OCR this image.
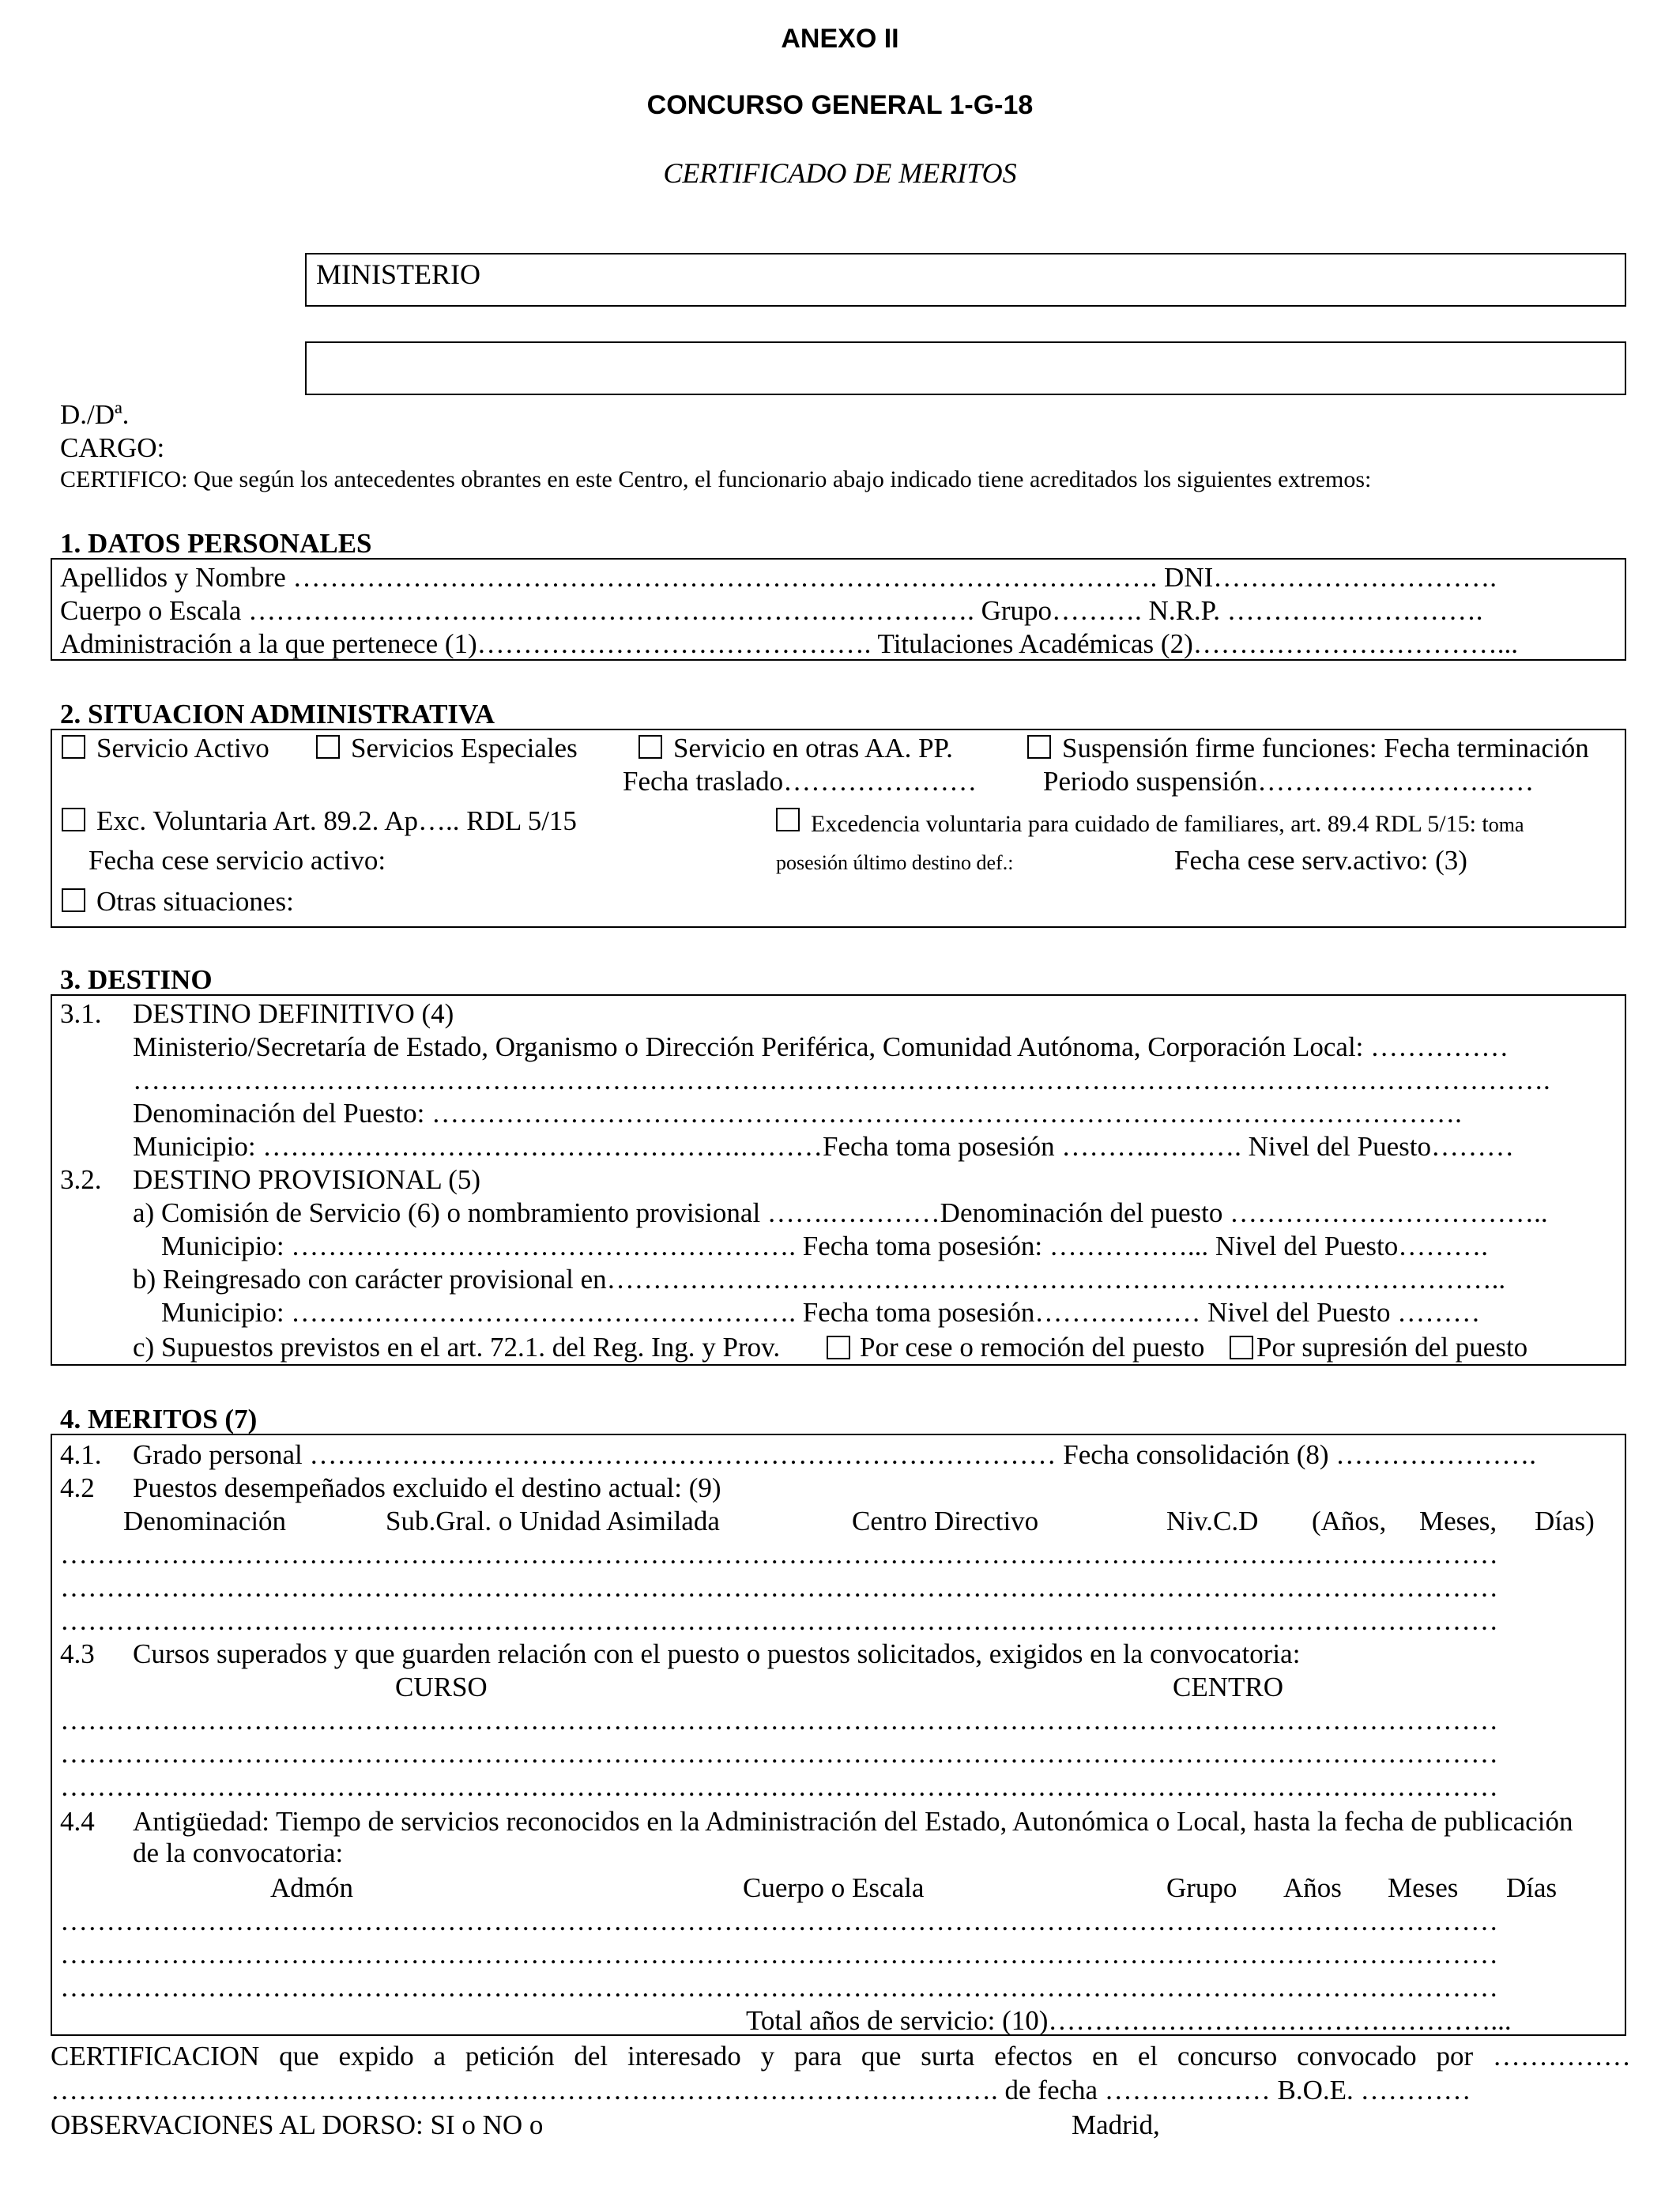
ANEXO II
CONCURSO GENERAL 1-G-18
CERTIFICADO DE MERITOS
MINISTERIO
D./Dª.
CARGO:
CERTIFICO: Que según los antecedentes obrantes en este Centro, el funcionario abajo indicado tiene acreditados los siguientes extremos:
1. DATOS PERSONALES
Apellidos y Nombre …………………………………………………………………………………. DNI………………………….
Cuerpo o Escala ……………………………………………………………………. Grupo………. N.R.P. ……………………….
Administración a la que pertenece (1)……………………………………. Titulaciones Académicas (2)……………………………...
2. SITUACION ADMINISTRATIVA
Servicio Activo	Servicios Especiales	Servicio en otras AA. PP.	Suspensión firme funciones: Fecha terminación
Fecha traslado………………… Periodo suspensión…………………………
Exc. Voluntaria Art. 89.2. Ap….. RDL 5/15	Excedencia voluntaria para cuidado de familiares, art. 89.4 RDL 5/15: toma
Fecha cese servicio activo:	posesión último destino def.:	Fecha cese serv.activo: (3)
Otras situaciones:
3. DESTINO
3.1. DESTINO DEFINITIVO (4)
Ministerio/Secretaría de Estado, Organismo o Dirección Periférica, Comunidad Autónoma, Corporación Local: ……………
……………………………………………………………………………………………………………………………………….
Denominación del Puesto: ………………………………………………………………………………………………….
Municipio: …………………………………………….………Fecha toma posesión ……….………. Nivel del Puesto………
3.2. DESTINO PROVISIONAL (5)
a) Comisión de Servicio (6) o nombramiento provisional …….…………Denominación del puesto ……………………………..
Municipio: ………………………………………………. Fecha toma posesión: ……………... Nivel del Puesto……….
b) Reingresado con carácter provisional en……………………………………………………………………………………..
Municipio: ………………………………………………. Fecha toma posesión……………… Nivel del Puesto ………
c) Supuestos previstos en el art. 72.1. del Reg. Ing. y Prov.	Por cese o remoción del puesto Por supresión del puesto
4. MERITOS (7)
4.1. Grado personal ……………………………………………………………………… Fecha consolidación (8) ………………….
4.2 Puestos desempeñados excluido el destino actual: (9)
Denominación	Sub.Gral. o Unidad Asimilada	Centro Directivo	Niv.C.D (Años, Meses, Días)
…………………………………………………………………………………………………………………………………………
…………………………………………………………………………………………………………………………………………
…………………………………………………………………………………………………………………………………………
4.3 Cursos superados y que guarden relación con el puesto o puestos solicitados, exigidos en la convocatoria:
CURSO	CENTRO
…………………………………………………………………………………………………………………………………………
…………………………………………………………………………………………………………………………………………
…………………………………………………………………………………………………………………………………………
4.4 Antigüedad: Tiempo de servicios reconocidos en la Administración del Estado, Autonómica o Local, hasta la fecha de publicación
de la convocatoria:
Admón	Cuerpo o Escala	Grupo Años Meses Días
…………………………………………………………………………………………………………………………………………
…………………………………………………………………………………………………………………………………………
…………………………………………………………………………………………………………………………………………
Total años de servicio: (10)…………………………………………...
CERTIFICACION que expido a petición del interesado y para que surta efectos en el concurso convocado por ……………
…………………………………………………………………………………………. de fecha ……………… B.O.E. …………
OBSERVACIONES AL DORSO: SI o NO o	Madrid,
